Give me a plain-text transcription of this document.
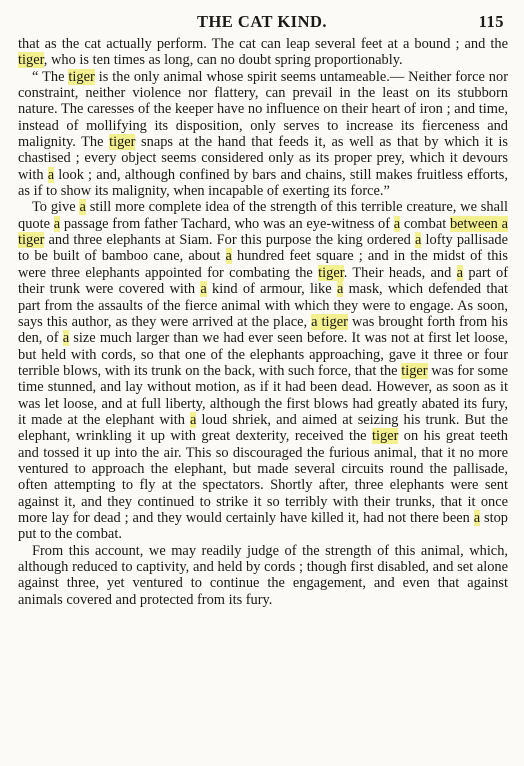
THE CAT KIND.	115

that as the cat actually perform. The cat can leap several feet at a bound ; and the tiger, who is ten times as long, can no doubt spring proportionably.

“ The tiger is the only animal whose spirit seems untameable.— Neither force nor constraint, neither violence nor flattery, can prevail in the least on its stubborn nature. The caresses of the keeper have no influence on their heart of iron ; and time, instead of mollifying its disposition, only serves to increase its fierceness and malignity. The tiger snaps at the hand that feeds it, as well as that by which it is chastised ; every object seems considered only as its proper prey, which it devours with a look ; and, although confined by bars and chains, still makes fruitless efforts, as if to show its malignity, when incapable of exerting its force.”

To give a still more complete idea of the strength of this terrible creature, we shall quote a passage from father Tachard, who was an eye-witness of a combat between a tiger and three elephants at Siam. For this purpose the king ordered a lofty pallisade to be built of bamboo cane, about a hundred feet square ; and in the midst of this were three elephants appointed for combating the tiger. Their heads, and a part of their trunk were covered with a kind of armour, like a mask, which defended that part from the assaults of the fierce animal with which they were to engage. As soon, says this author, as they were arrived at the place, a tiger was brought forth from his den, of a size much larger than we had ever seen before. It was not at first let loose, but held with cords, so that one of the elephants approaching, gave it three or four terrible blows, with its trunk on the back, with such force, that the tiger was for some time stunned, and lay without motion, as if it had been dead. However, as soon as it was let loose, and at full liberty, although the first blows had greatly abated its fury, it made at the elephant with a loud shriek, and aimed at seizing his trunk. But the elephant, wrinkling it up with great dexterity, received the tiger on his great teeth and tossed it up into the air. This so discouraged the furious animal, that it no more ventured to approach the elephant, but made several circuits round the pallisade, often attempting to fly at the spectators. Shortly after, three elephants were sent against it, and they continued to strike it so terribly with their trunks, that it once more lay for dead ; and they would certainly have killed it, had not there been a stop put to the combat.

From this account, we may readily judge of the strength of this animal, which, although reduced to captivity, and held by cords ; though first disabled, and set alone against three, yet ventured to continue the engagement, and even that against animals covered and protected from its fury.
